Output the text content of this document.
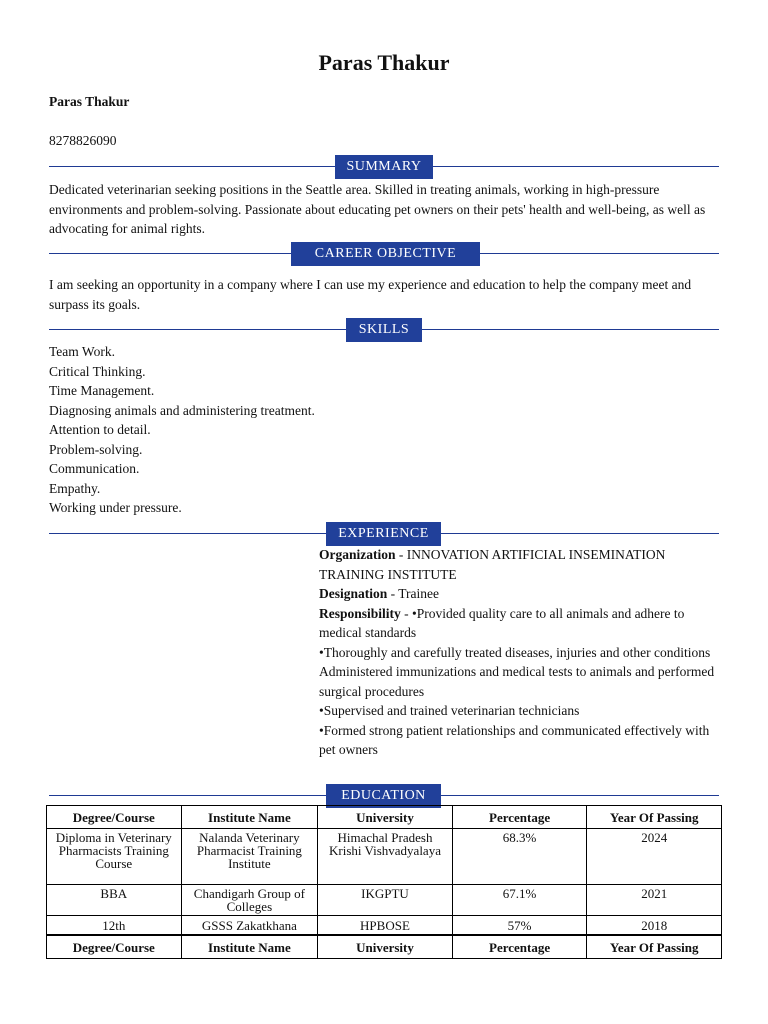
Paras Thakur
Paras Thakur
8278826090
SUMMARY
Dedicated veterinarian seeking positions in the Seattle area. Skilled in treating animals, working in high-pressure environments and problem-solving. Passionate about educating pet owners on their pets' health and well-being, as well as advocating for animal rights.
CAREER OBJECTIVE
I am seeking an opportunity in a company where I can use my experience and education to help the company meet and surpass its goals.
SKILLS
Team Work.
Critical Thinking.
Time Management.
Diagnosing animals and administering treatment.
Attention to detail.
Problem-solving.
Communication.
Empathy.
Working under pressure.
EXPERIENCE
Organization - INNOVATION ARTIFICIAL INSEMINATION TRAINING INSTITUTE
Designation - Trainee
Responsibility - •Provided quality care to all animals and adhere to medical standards
•Thoroughly and carefully treated diseases, injuries and other conditions
Administered immunizations and medical tests to animals and performed surgical procedures
•Supervised and trained veterinarian technicians
•Formed strong patient relationships and communicated effectively with pet owners
EDUCATION
Degree/Course	Institute Name	University	Percentage	Year Of Passing
Diploma in Veterinary Pharmacists Training Course	Nalanda Veterinary Pharmacist Training Institute	Himachal Pradesh Krishi Vishvadyalaya	68.3%	2024
BBA	Chandigarh Group of Colleges	IKGPTU	67.1%	2021
12th	GSSS Zakatkhana	HPBOSE	57%	2018
Degree/Course	Institute Name	University	Percentage	Year Of Passing
